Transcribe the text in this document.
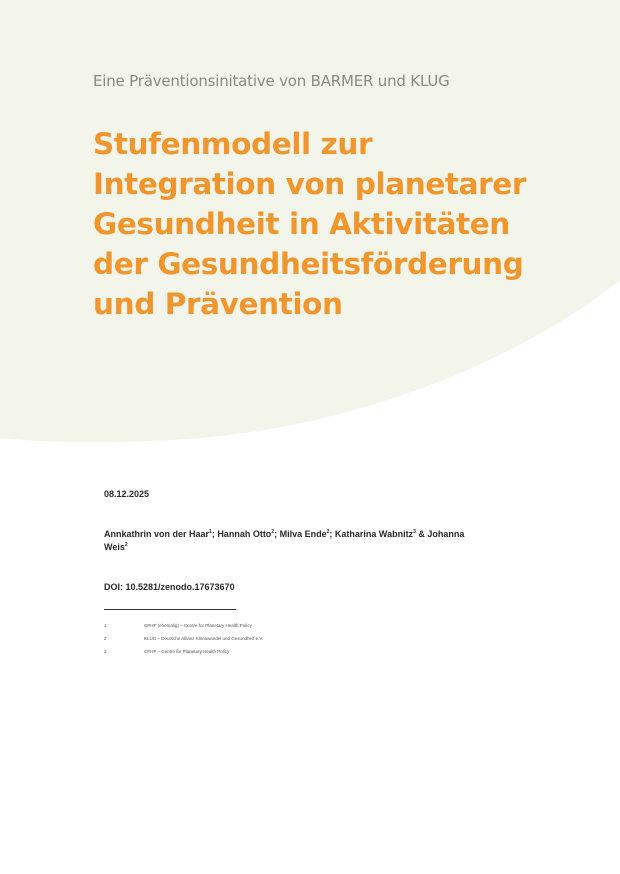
Eine Präventionsinitative von BARMER und KLUG
Stufenmodell zur
Integration von planetarer
Gesundheit in Aktivitäten
der Gesundheitsförderung
und Prävention
08.12.2025
Annkathrin von der Haar$^1$; Hannah Otto$^2$; Milva Ende$^2$; Katharina Wabnitz$^3$ & Johanna Weis$^2$
DOI: 10.5281/zenodo.17673670
1	CPHP (ehemalig) – Centre for Planetary Health Policy
2	KLUG – Deutsche Allianz Klimawandel und Gesundheit e.V.
3	CPHP – Centre for Planetary Health Policy
